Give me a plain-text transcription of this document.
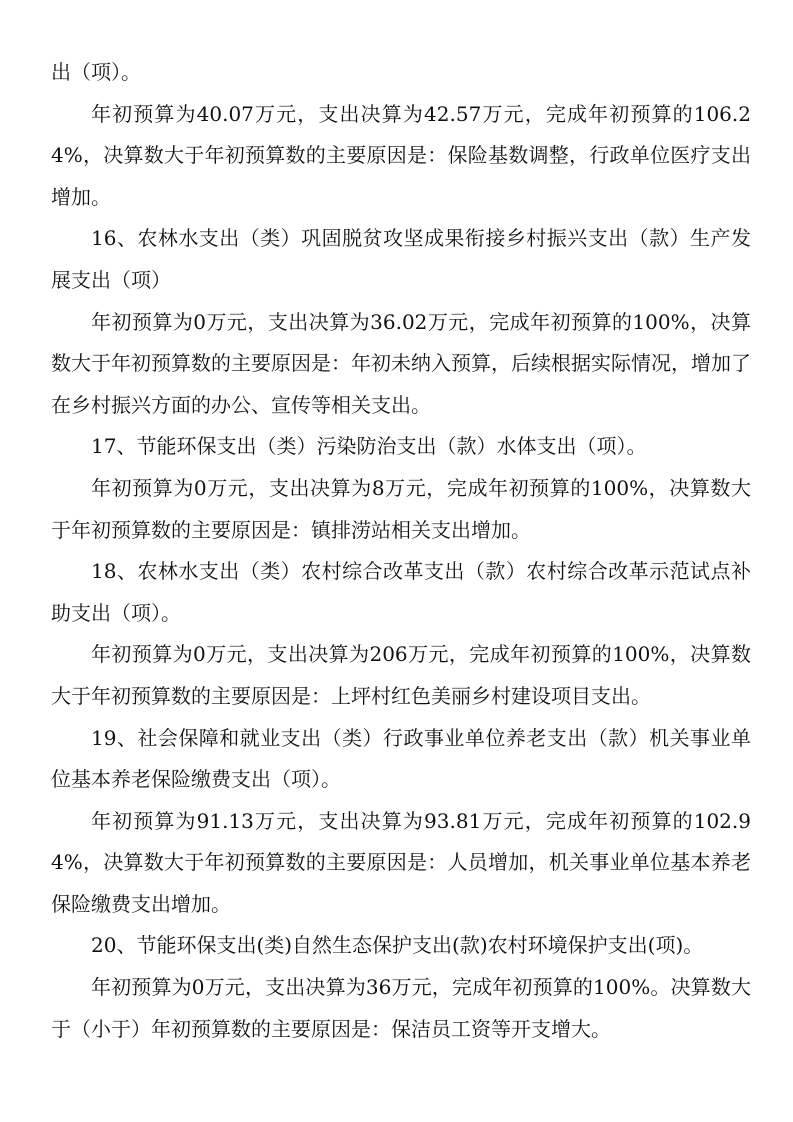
出（项）。

年初预算为40.07万元，支出决算为42.57万元，完成年初预算的106.24%，决算数大于年初预算数的主要原因是：保险基数调整，行政单位医疗支出增加。

16、农林水支出（类）巩固脱贫攻坚成果衔接乡村振兴支出（款）生产发展支出（项）

年初预算为0万元，支出决算为36.02万元，完成年初预算的100%，决算数大于年初预算数的主要原因是：年初未纳入预算，后续根据实际情况，增加了在乡村振兴方面的办公、宣传等相关支出。

17、节能环保支出（类）污染防治支出（款）水体支出（项）。

年初预算为0万元，支出决算为8万元，完成年初预算的100%，决算数大于年初预算数的主要原因是：镇排涝站相关支出增加。

18、农林水支出（类）农村综合改革支出（款）农村综合改革示范试点补助支出（项）。

年初预算为0万元，支出决算为206万元，完成年初预算的100%，决算数大于年初预算数的主要原因是：上坪村红色美丽乡村建设项目支出。

19、社会保障和就业支出（类）行政事业单位养老支出（款）机关事业单位基本养老保险缴费支出（项）。

年初预算为91.13万元，支出决算为93.81万元，完成年初预算的102.94%，决算数大于年初预算数的主要原因是：人员增加，机关事业单位基本养老保险缴费支出增加。

20、节能环保支出(类)自然生态保护支出(款)农村环境保护支出(项)。

年初预算为0万元，支出决算为36万元，完成年初预算的100%。决算数大于（小于）年初预算数的主要原因是：保洁员工资等开支增大。
